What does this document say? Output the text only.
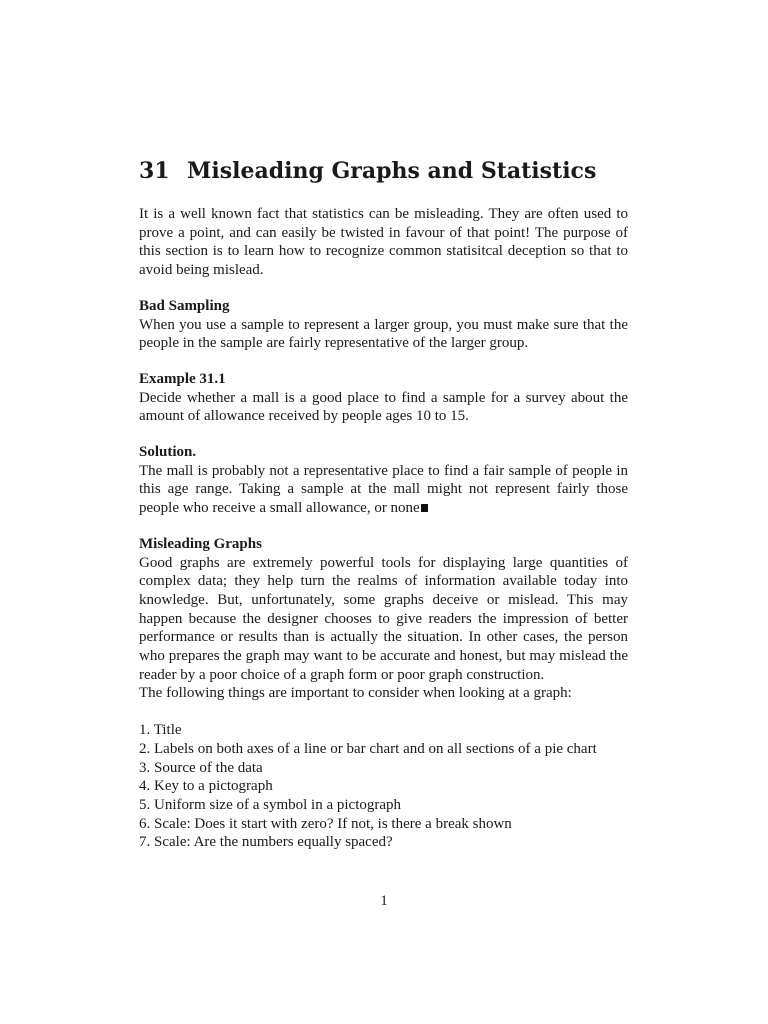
31 Misleading Graphs and Statistics

It is a well known fact that statistics can be misleading. They are often used to prove a point, and can easily be twisted in favour of that point! The purpose of this section is to learn how to recognize common statisitcal deception so that to avoid being mislead.

Bad Sampling

When you use a sample to represent a larger group, you must make sure that the people in the sample are fairly representative of the larger group.

Example 31.1

Decide whether a mall is a good place to find a sample for a survey about the amount of allowance received by people ages 10 to 15.

Solution.

The mall is probably not a representative place to find a fair sample of people in this age range. Taking a sample at the mall might not represent fairly those people who receive a small allowance, or none

Misleading Graphs

Good graphs are extremely powerful tools for displaying large quantities of complex data; they help turn the realms of information available today into knowledge. But, unfortunately, some graphs deceive or mislead. This may happen because the designer chooses to give readers the impression of better performance or results than is actually the situation. In other cases, the person who prepares the graph may want to be accurate and honest, but may mislead the reader by a poor choice of a graph form or poor graph construction.

The following things are important to consider when looking at a graph:

1. Title
2. Labels on both axes of a line or bar chart and on all sections of a pie chart
3. Source of the data
4. Key to a pictograph
5. Uniform size of a symbol in a pictograph
6. Scale: Does it start with zero? If not, is there a break shown
7. Scale: Are the numbers equally spaced?
1
